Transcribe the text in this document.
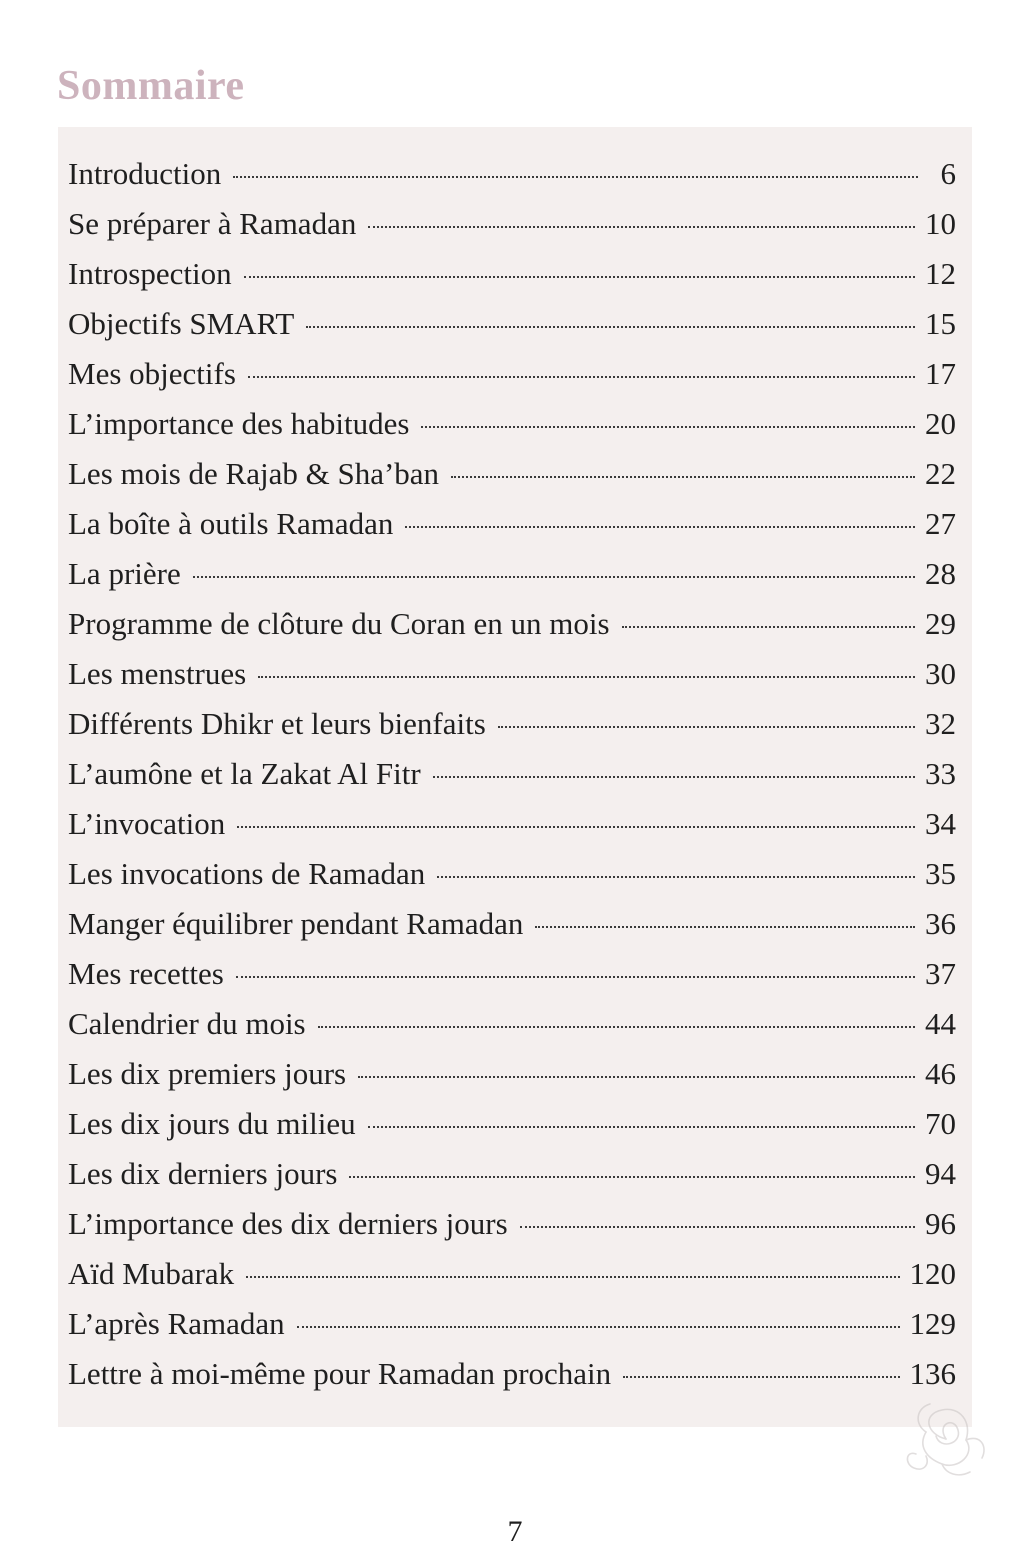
Sommaire
Introduction	6
Se préparer à Ramadan	10
Introspection	12
Objectifs SMART	15
Mes objectifs	17
L’importance des habitudes	20
Les mois de Rajab & Sha’ban	22
La boîte à outils Ramadan	27
La prière	28
Programme de clôture du Coran en un mois	29
Les menstrues	30
Différents Dhikr et leurs bienfaits	32
L’aumône et la Zakat Al Fitr	33
L’invocation	34
Les invocations de Ramadan	35
Manger équilibrer pendant Ramadan	36
Mes recettes	37
Calendrier du mois	44
Les dix premiers jours	46
Les dix jours du milieu	70
Les dix derniers jours	94
L’importance des dix derniers jours	96
Aïd Mubarak	120
L’après Ramadan	129
Lettre à moi-même pour Ramadan prochain	136
7
